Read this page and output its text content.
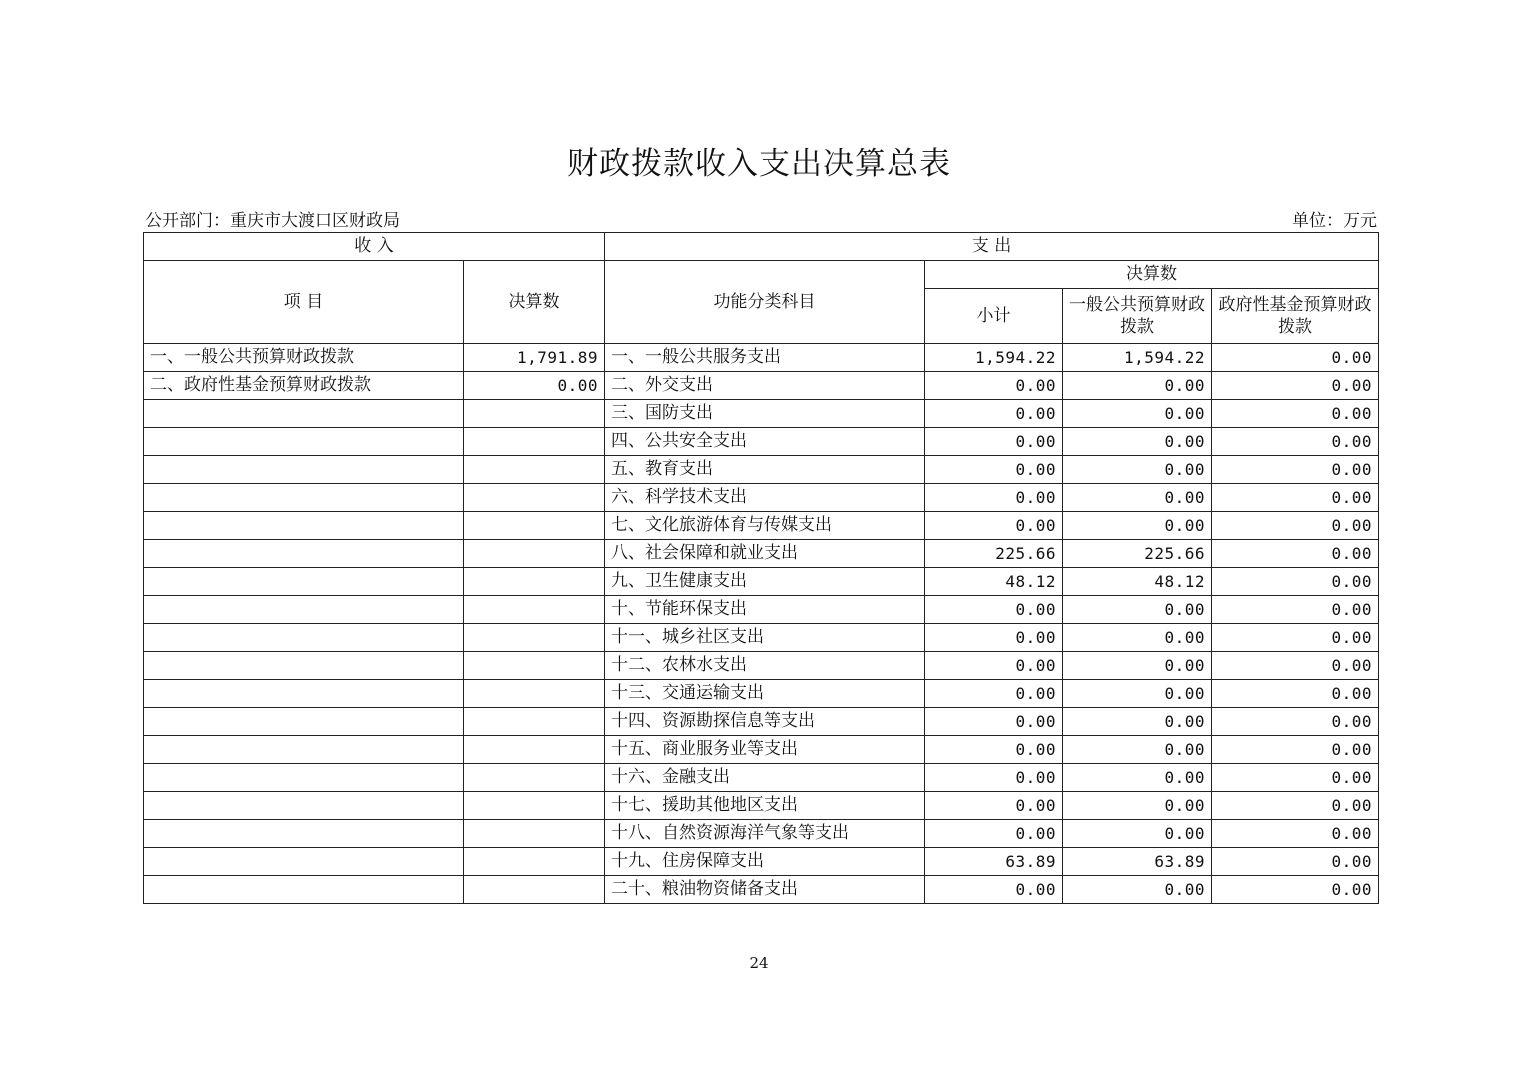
财政拨款收入支出决算总表
公开部门：重庆市大渡口区财政局	单位：万元
收 入		支 出			
项 目	决算数	功能分类科目	决算数		
			小计	一般公共预算财政拨款	政府性基金预算财政拨款
一、一般公共预算财政拨款	1,791.89	一、一般公共服务支出	1,594.22	1,594.22	0.00
二、政府性基金预算财政拨款	0.00	二、外交支出	0.00	0.00	0.00
		三、国防支出	0.00	0.00	0.00
		四、公共安全支出	0.00	0.00	0.00
		五、教育支出	0.00	0.00	0.00
		六、科学技术支出	0.00	0.00	0.00
		七、文化旅游体育与传媒支出	0.00	0.00	0.00
		八、社会保障和就业支出	225.66	225.66	0.00
		九、卫生健康支出	48.12	48.12	0.00
		十、节能环保支出	0.00	0.00	0.00
		十一、城乡社区支出	0.00	0.00	0.00
		十二、农林水支出	0.00	0.00	0.00
		十三、交通运输支出	0.00	0.00	0.00
		十四、资源勘探信息等支出	0.00	0.00	0.00
		十五、商业服务业等支出	0.00	0.00	0.00
		十六、金融支出	0.00	0.00	0.00
		十七、援助其他地区支出	0.00	0.00	0.00
		十八、自然资源海洋气象等支出	0.00	0.00	0.00
		十九、住房保障支出	63.89	63.89	0.00
		二十、粮油物资储备支出	0.00	0.00	0.00
24
